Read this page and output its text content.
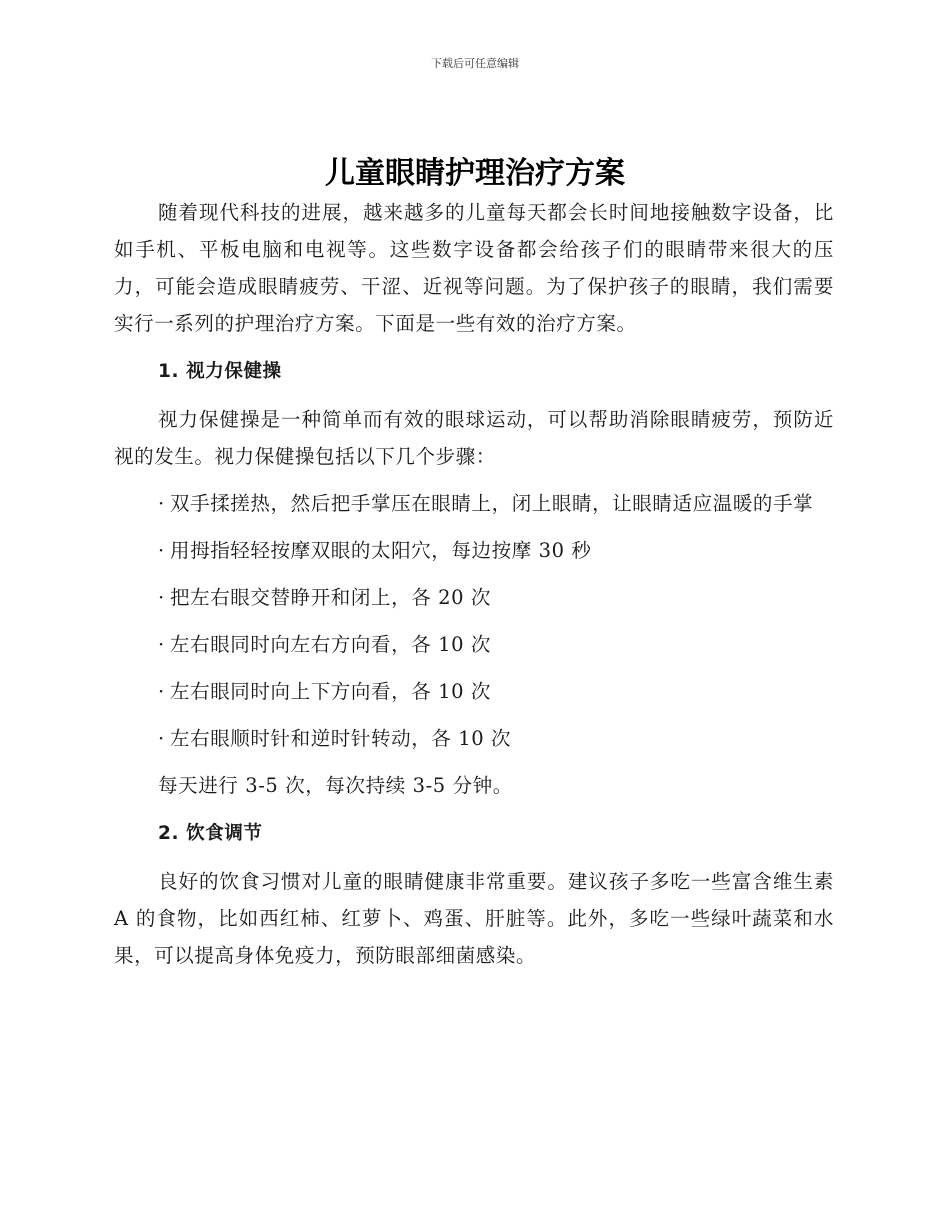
下载后可任意编辑
儿童眼睛护理治疗方案

随着现代科技的进展，越来越多的儿童每天都会长时间地接触数字设备，比如手机、平板电脑和电视等。这些数字设备都会给孩子们的眼睛带来很大的压力，可能会造成眼睛疲劳、干涩、近视等问题。为了保护孩子的眼睛，我们需要实行一系列的护理治疗方案。下面是一些有效的治疗方案。

1. 视力保健操

视力保健操是一种简单而有效的眼球运动，可以帮助消除眼睛疲劳，预防近视的发生。视力保健操包括以下几个步骤：

· 双手揉搓热，然后把手掌压在眼睛上，闭上眼睛，让眼睛适应温暖的手掌
· 用拇指轻轻按摩双眼的太阳穴，每边按摩 30 秒
· 把左右眼交替睁开和闭上，各 20 次
· 左右眼同时向左右方向看，各 10 次
· 左右眼同时向上下方向看，各 10 次
· 左右眼顺时针和逆时针转动，各 10 次

每天进行 3-5 次，每次持续 3-5 分钟。

2. 饮食调节

良好的饮食习惯对儿童的眼睛健康非常重要。建议孩子多吃一些富含维生素 A 的食物，比如西红柿、红萝卜、鸡蛋、肝脏等。此外，多吃一些绿叶蔬菜和水果，可以提高身体免疫力，预防眼部细菌感染。
